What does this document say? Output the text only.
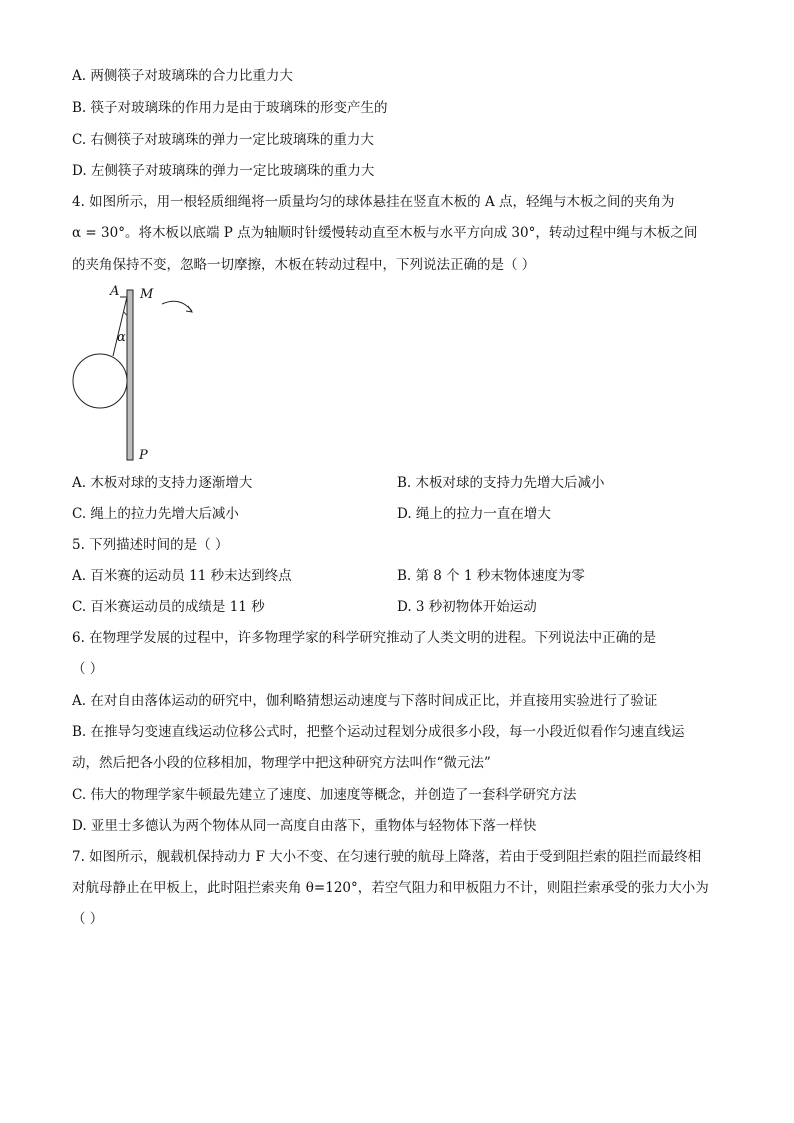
A. 两侧筷子对玻璃珠的合力比重力大
B. 筷子对玻璃珠的作用力是由于玻璃珠的形变产生的
C. 右侧筷子对玻璃珠的弹力一定比玻璃珠的重力大
D. 左侧筷子对玻璃珠的弹力一定比玻璃珠的重力大
4. 如图所示，用一根轻质细绳将一质量均匀的球体悬挂在竖直木板的 A 点，轻绳与木板之间的夹角为
α = 30°。将木板以底端 P 点为轴顺时针缓慢转动直至木板与水平方向成 30°，转动过程中绳与木板之间
的夹角保持不变，忽略一切摩擦，木板在转动过程中，下列说法正确的是（ ）
A M
α
P
A. 木板对球的支持力逐渐增大	B. 木板对球的支持力先增大后减小
C. 绳上的拉力先增大后减小	D. 绳上的拉力一直在增大
5. 下列描述时间的是（ ）
A. 百米赛的运动员 11 秒末达到终点	B. 第 8 个 1 秒末物体速度为零
C. 百米赛运动员的成绩是 11 秒	D. 3 秒初物体开始运动
6. 在物理学发展的过程中，许多物理学家的科学研究推动了人类文明的进程。下列说法中正确的是
（ ）
A. 在对自由落体运动的研究中，伽利略猜想运动速度与下落时间成正比，并直接用实验进行了验证
B. 在推导匀变速直线运动位移公式时，把整个运动过程划分成很多小段，每一小段近似看作匀速直线运
动，然后把各小段的位移相加，物理学中把这种研究方法叫作“微元法”
C. 伟大的物理学家牛顿最先建立了速度、加速度等概念，并创造了一套科学研究方法
D. 亚里士多德认为两个物体从同一高度自由落下，重物体与轻物体下落一样快
7. 如图所示，舰载机保持动力 F 大小不变、在匀速行驶的航母上降落，若由于受到阻拦索的阻拦而最终相
对航母静止在甲板上，此时阻拦索夹角 θ=120°，若空气阻力和甲板阻力不计，则阻拦索承受的张力大小为
（ ）
